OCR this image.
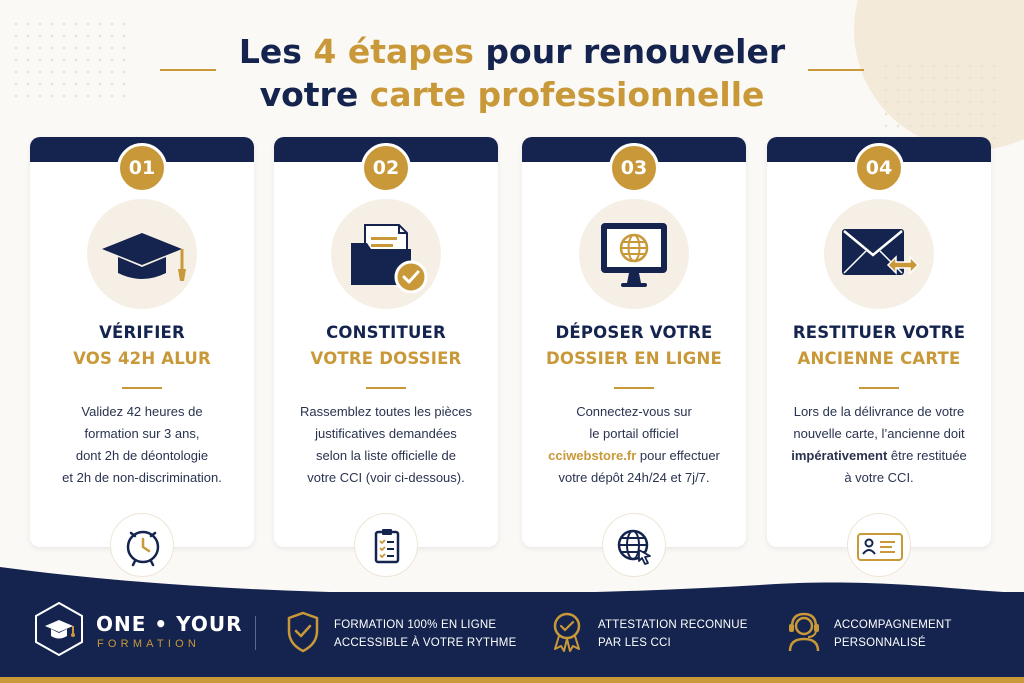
Les 4 étapes pour renouveler
votre carte professionnelle
01
VÉRIFIER
VOS 42H ALUR
Validez 42 heures de
formation sur 3 ans,
dont 2h de déontologie
et 2h de non-discrimination.
02
CONSTITUER
VOTRE DOSSIER
Rassemblez toutes les pièces
justificatives demandées
selon la liste officielle de
votre CCI (voir ci-dessous).
03
DÉPOSER VOTRE
DOSSIER EN LIGNE
Connectez-vous sur
le portail officiel
cciwebstore.fr pour effectuer
votre dépôt 24h/24 et 7j/7.
04
RESTITUER VOTRE
ANCIENNE CARTE
Lors de la délivrance de votre
nouvelle carte, l’ancienne doit
impérativement être restituée
à votre CCI.
ONE • YOUR
FORMATION
FORMATION 100% EN LIGNE
ACCESSIBLE À VOTRE RYTHME
ATTESTATION RECONNUE
PAR LES CCI
ACCOMPAGNEMENT
PERSONNALISÉ
